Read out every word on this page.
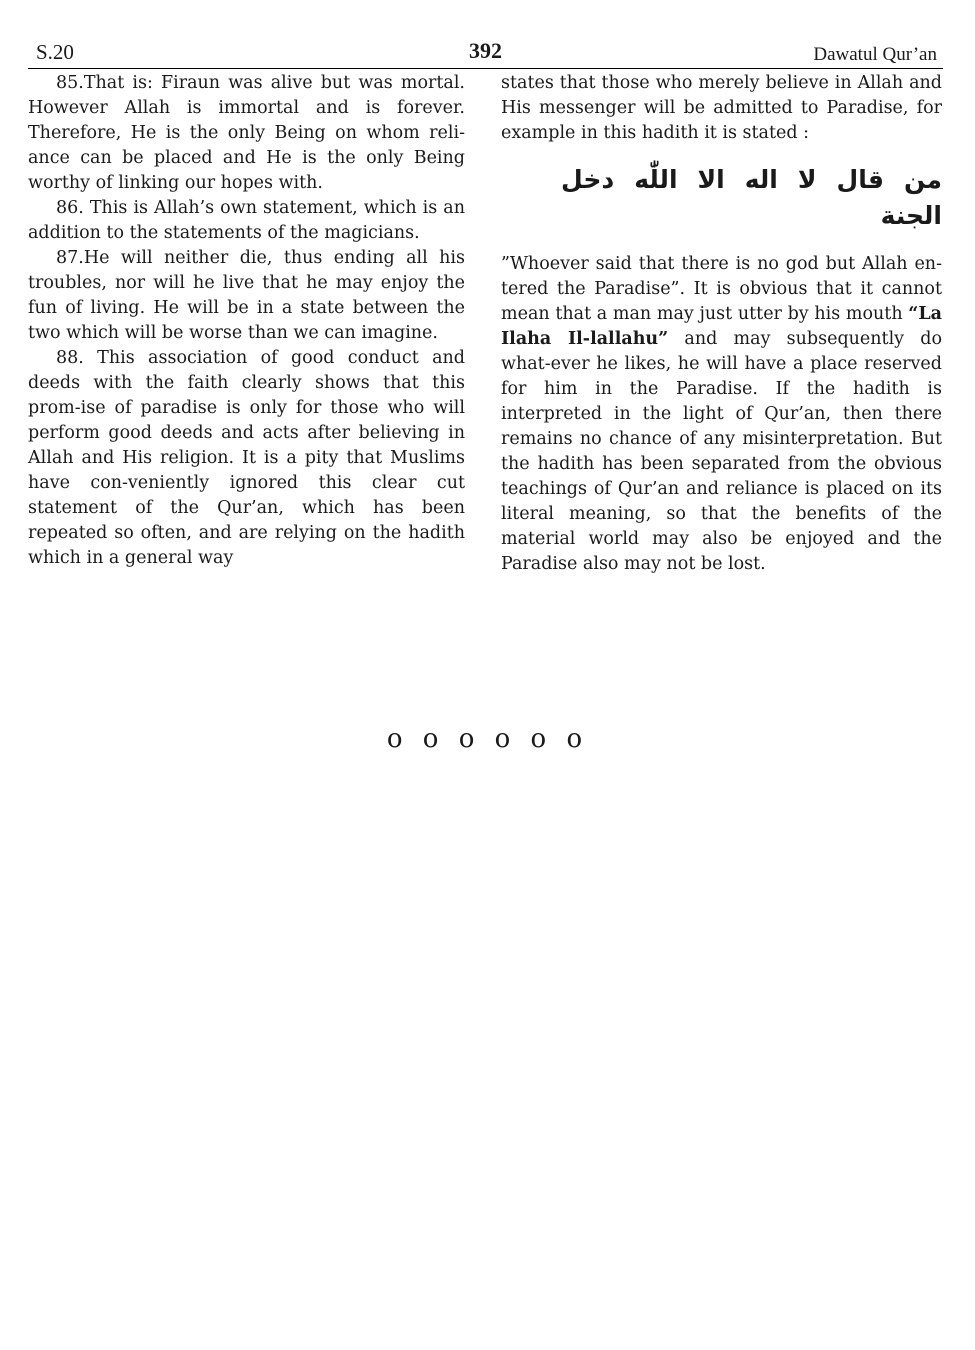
S.20	392	Dawatul Qur’an

85.That is: Firaun was alive but was mortal. However Allah is immortal and is forever. Therefore, He is the only Being on whom reli-ance can be placed and He is the only Being worthy of linking our hopes with.

86. This is Allah’s own statement, which is an addition to the statements of the magicians.

87.He will neither die, thus ending all his troubles, nor will he live that he may enjoy the fun of living. He will be in a state between the two which will be worse than we can imagine.

88. This association of good conduct and deeds with the faith clearly shows that this prom-ise of paradise is only for those who will perform good deeds and acts after believing in Allah and His religion. It is a pity that Muslims have con-veniently ignored this clear cut statement of the Qur’an, which has been repeated so often, and are relying on the hadith which in a general way

states that those who merely believe in Allah and His messenger will be admitted to Paradise, for example in this hadith it is stated :

من قال لا اله الا اللّٰه دخل الجنة

”Whoever said that there is no god but Allah en-tered the Paradise”. It is obvious that it cannot mean that a man may just utter by his mouth “La Ilaha Il-lallahu” and may subsequently do what-ever he likes, he will have a place reserved for him in the Paradise. If the hadith is interpreted in the light of Qur’an, then there remains no chance of any misinterpretation. But the hadith has been separated from the obvious teachings of Qur’an and reliance is placed on its literal meaning, so that the benefits of the material world may also be enjoyed and the Paradise also may not be lost.

o o o o o o
